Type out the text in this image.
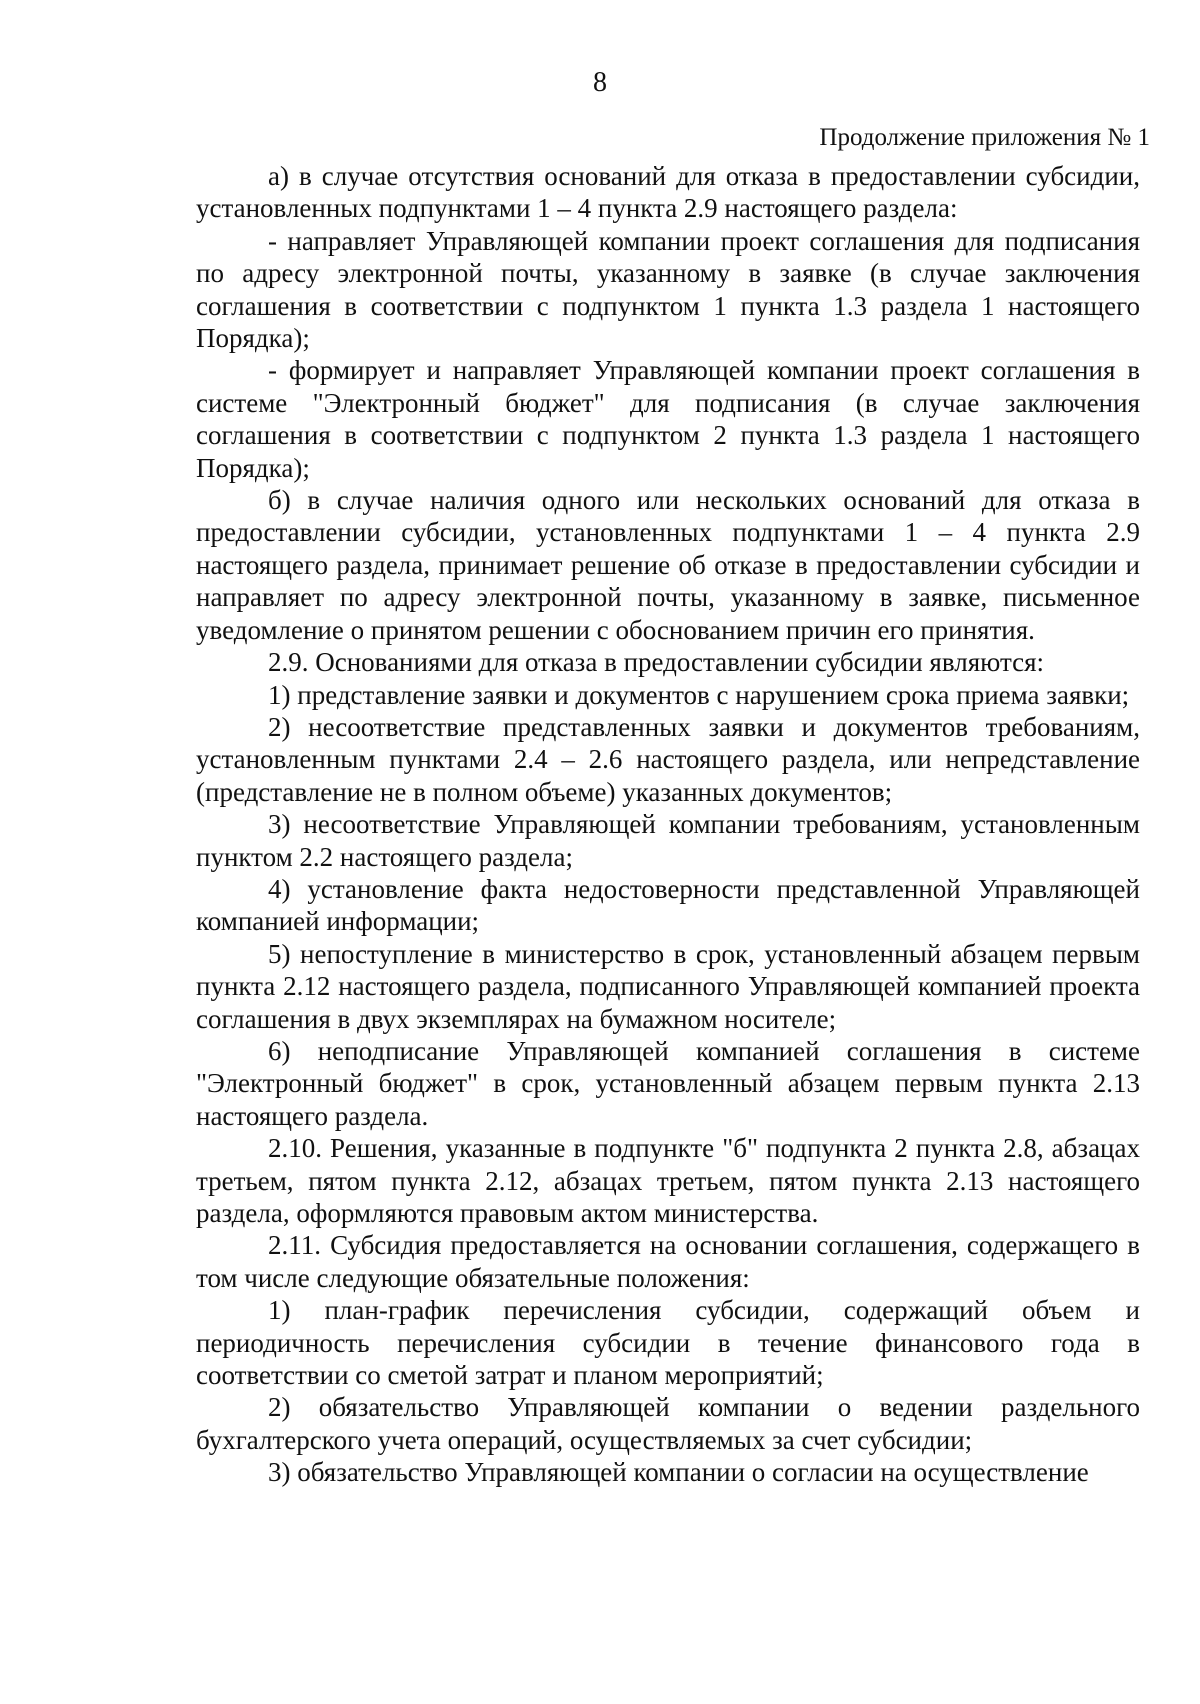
8
Продолжение приложения № 1

а) в случае отсутствия оснований для отказа в предоставлении субсидии, установленных подпунктами 1 – 4 пункта 2.9 настоящего раздела:

- направляет Управляющей компании проект соглашения для подписания по адресу электронной почты, указанному в заявке (в случае заключения соглашения в соответствии с подпунктом 1 пункта 1.3 раздела 1 настоящего Порядка);

- формирует и направляет Управляющей компании проект соглашения в системе "Электронный бюджет" для подписания (в случае заключения соглашения в соответствии с подпунктом 2 пункта 1.3 раздела 1 настоящего Порядка);

б) в случае наличия одного или нескольких оснований для отказа в предоставлении субсидии, установленных подпунктами 1 – 4 пункта 2.9 настоящего раздела, принимает решение об отказе в предоставлении субсидии и направляет по адресу электронной почты, указанному в заявке, письменное уведомление о принятом решении с обоснованием причин его принятия.

2.9. Основаниями для отказа в предоставлении субсидии являются:

1) представление заявки и документов с нарушением срока приема заявки;

2) несоответствие представленных заявки и документов требованиям, установленным пунктами 2.4 – 2.6 настоящего раздела, или непредставление (представление не в полном объеме) указанных документов;

3) несоответствие Управляющей компании требованиям, установленным пунктом 2.2 настоящего раздела;

4) установление факта недостоверности представленной Управляющей компанией информации;

5) непоступление в министерство в срок, установленный абзацем первым пункта 2.12 настоящего раздела, подписанного Управляющей компанией проекта соглашения в двух экземплярах на бумажном носителе;

6) неподписание Управляющей компанией соглашения в системе "Электронный бюджет" в срок, установленный абзацем первым пункта 2.13 настоящего раздела.

2.10. Решения, указанные в подпункте "б" подпункта 2 пункта 2.8, абзацах третьем, пятом пункта 2.12, абзацах третьем, пятом пункта 2.13 настоящего раздела, оформляются правовым актом министерства.

2.11. Субсидия предоставляется на основании соглашения, содержащего в том числе следующие обязательные положения:

1) план-график перечисления субсидии, содержащий объем и периодичность перечисления субсидии в течение финансового года в соответствии со сметой затрат и планом мероприятий;

2) обязательство Управляющей компании о ведении раздельного бухгалтерского учета операций, осуществляемых за счет субсидии;

3) обязательство Управляющей компании о согласии на осуществление
